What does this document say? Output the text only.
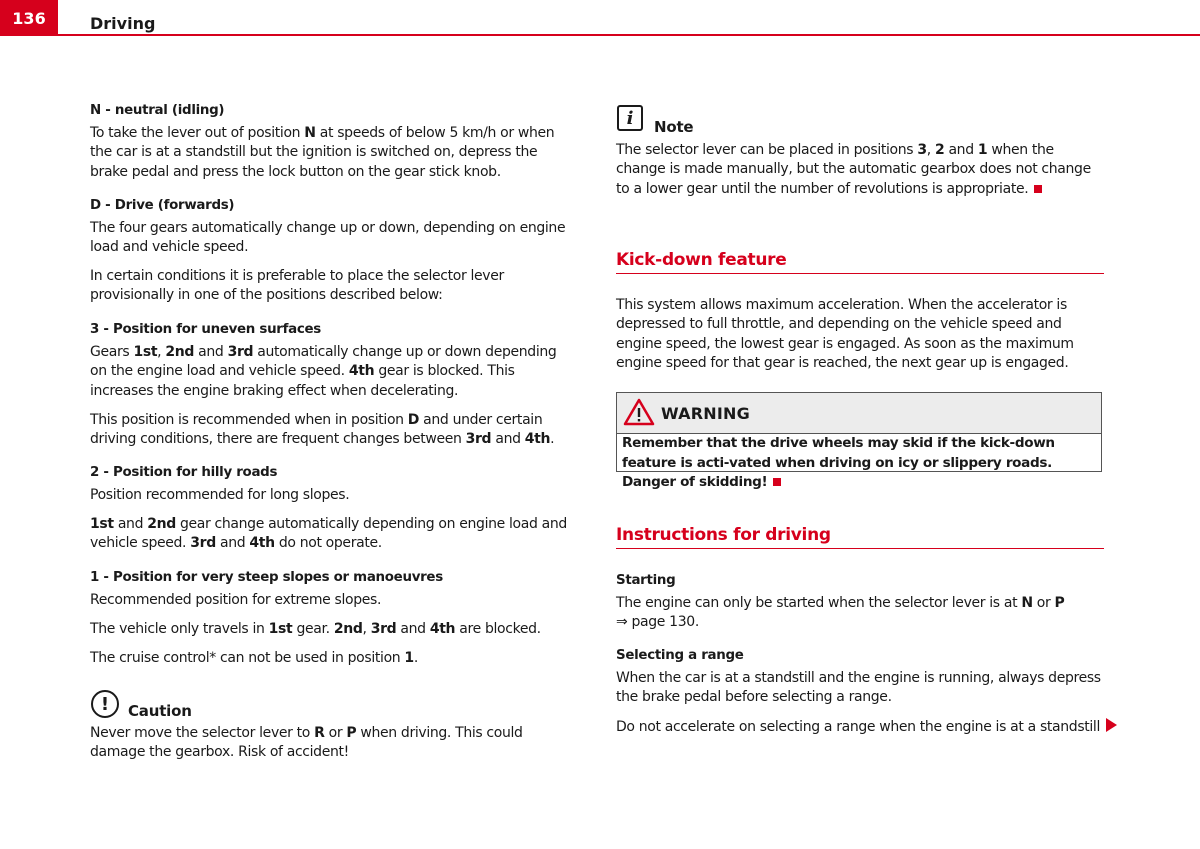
136	Driving
N - neutral (idling)

To take the lever out of position N at speeds of below 5 km/h or when the car is at a standstill but the ignition is switched on, depress the brake pedal and press the lock button on the gear stick knob.

D - Drive (forwards)

The four gears automatically change up or down, depending on engine load and vehicle speed.

In certain conditions it is preferable to place the selector lever provisionally in one of the positions described below:

3 - Position for uneven surfaces

Gears 1st, 2nd and 3rd automatically change up or down depending on the engine load and vehicle speed. 4th gear is blocked. This increases the engine braking effect when decelerating.

This position is recommended when in position D and under certain driving conditions, there are frequent changes between 3rd and 4th.

2 - Position for hilly roads

Position recommended for long slopes.

1st and 2nd gear change automatically depending on engine load and vehicle speed. 3rd and 4th do not operate.

1 - Position for very steep slopes or manoeuvres

Recommended position for extreme slopes.

The vehicle only travels in 1st gear. 2nd, 3rd and 4th are blocked.

The cruise control* can not be used in position 1.

!	Caution

Never move the selector lever to R or P when driving. This could damage the gearbox. Risk of accident!

i Note

The selector lever can be placed in positions 3, 2 and 1 when the change is made manually, but the automatic gearbox does not change to a lower gear until the number of revolutions is appropriate.

Kick-down feature

This system allows maximum acceleration. When the accelerator is depressed to full throttle, and depending on the vehicle speed and engine speed, the lowest gear is engaged. As soon as the maximum engine speed for that gear is reached, the next gear up is engaged.

WARNING
Remember that the drive wheels may skid if the kick-down feature is acti-vated when driving on icy or slippery roads. Danger of skidding!
Instructions for driving
Starting

The engine can only be started when the selector lever is at N or P
⇒ page 130.

Selecting a range

When the car is at a standstill and the engine is running, always depress the brake pedal before selecting a range.

Do not accelerate on selecting a range when the engine is at a standstill
